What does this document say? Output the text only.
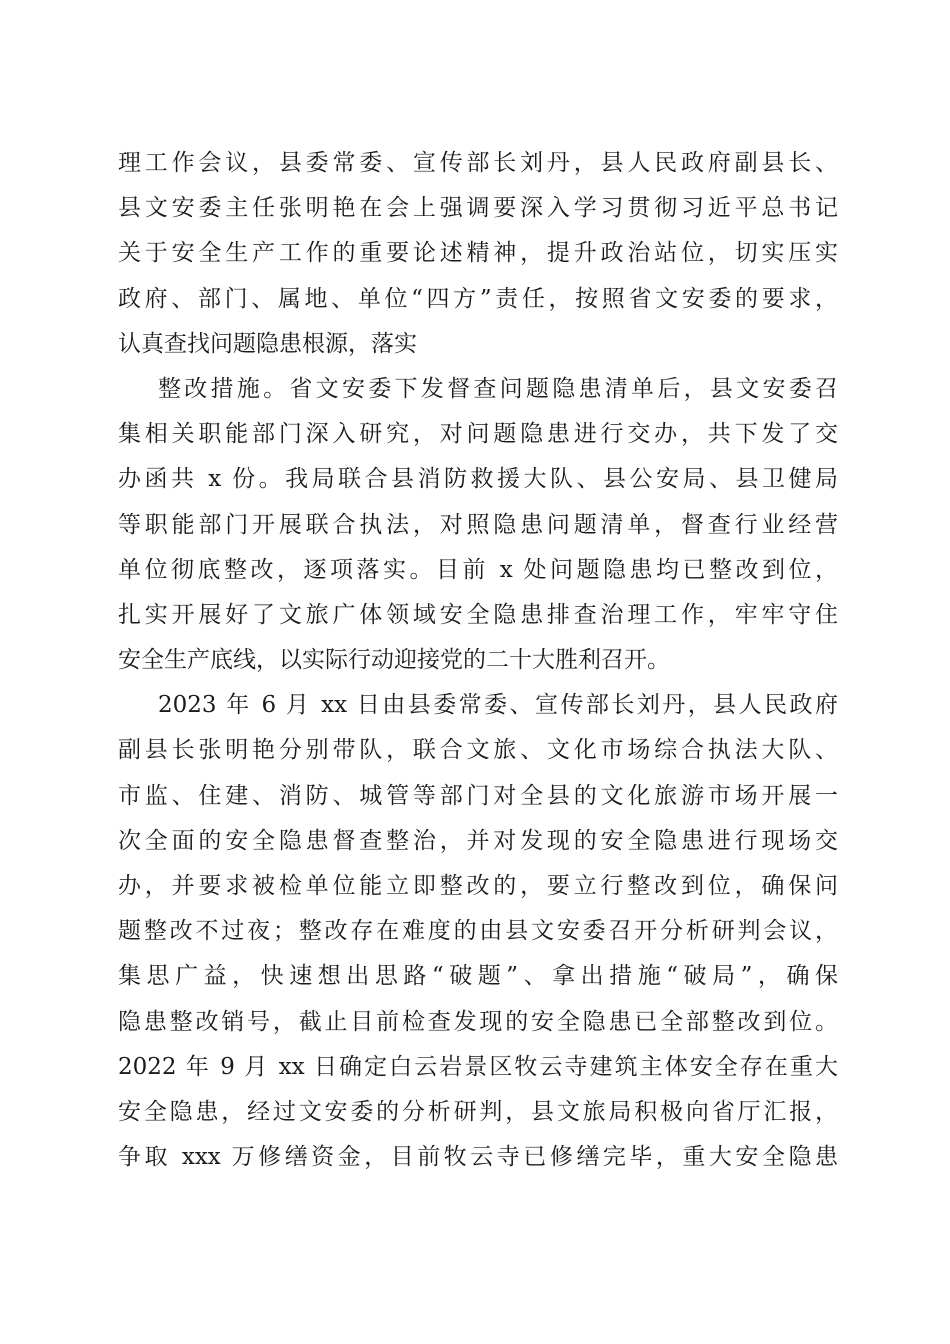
理工作会议，县委常委、宣传部长刘丹，县人民政府副县长、
县文安委主任张明艳在会上强调要深入学习贯彻习近平总书记
关于安全生产工作的重要论述精神，提升政治站位，切实压实
政府、部门、属地、单位“四方”责任，按照省文安委的要求，
认真查找问题隐患根源，落实
整改措施。省文安委下发督查问题隐患清单后，县文安委召
集相关职能部门深入研究，对问题隐患进行交办，共下发了交
办函共 x 份。我局联合县消防救援大队、县公安局、县卫健局
等职能部门开展联合执法，对照隐患问题清单，督查行业经营
单位彻底整改，逐项落实。目前 x 处问题隐患均已整改到位，
扎实开展好了文旅广体领域安全隐患排查治理工作，牢牢守住
安全生产底线，以实际行动迎接党的二十大胜利召开。
2023 年 6 月 xx 日由县委常委、宣传部长刘丹，县人民政府
副县长张明艳分别带队，联合文旅、文化市场综合执法大队、
市监、住建、消防、城管等部门对全县的文化旅游市场开展一
次全面的安全隐患督查整治，并对发现的安全隐患进行现场交
办，并要求被检单位能立即整改的，要立行整改到位，确保问
题整改不过夜；整改存在难度的由县文安委召开分析研判会议，
集思广益，快速想出思路“破题”、拿出措施“破局”，确保
隐患整改销号，截止目前检查发现的安全隐患已全部整改到位。
2022 年 9 月 xx 日确定白云岩景区牧云寺建筑主体安全存在重大
安全隐患，经过文安委的分析研判，县文旅局积极向省厅汇报，
争取 xxx 万修缮资金，目前牧云寺已修缮完毕，重大安全隐患
